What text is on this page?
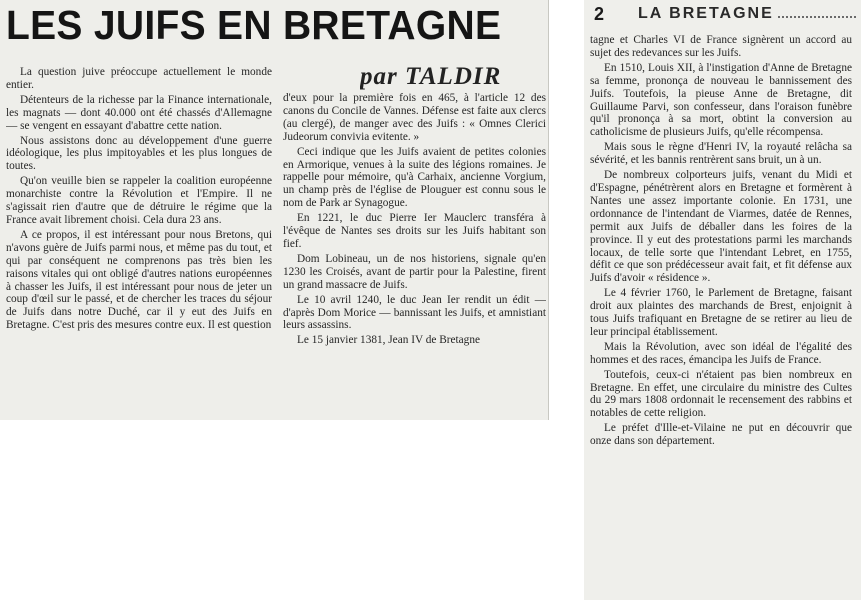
LES JUIFS EN BRETAGNE
par TALDIR
2 LA BRETAGNE

La question juive préoccupe actuellement le monde entier.

Détenteurs de la richesse par la Finance internationale, les magnats — dont 40.000 ont été chassés d'Allemagne — se vengent en essayant d'abattre cette nation.

Nous assistons donc au développement d'une guerre idéologique, les plus impitoyables et les plus longues de toutes.

Qu'on veuille bien se rappeler la coalition européenne monarchiste contre la Révolution et l'Empire. Il ne s'agissait rien d'autre que de détruire le régime que la France avait librement choisi. Cela dura 23 ans.

A ce propos, il est intéressant pour nous Bretons, qui n'avons guère de Juifs parmi nous, et même pas du tout, et qui par conséquent ne comprenons pas très bien les raisons vitales qui ont obligé d'autres nations européennes à chasser les Juifs, il est intéressant pour nous de jeter un coup d'œil sur le passé, et de chercher les traces du séjour de Juifs dans notre Duché, car il y eut des Juifs en Bretagne. C'est pris des mesures contre eux. Il est question

d'eux pour la première fois en 465, à l'article 12 des canons du Concile de Vannes. Défense est faite aux clercs (au clergé), de manger avec des Juifs : « Omnes Clerici Judeorum convivia evitente. »

Ceci indique que les Juifs avaient de petites colonies en Armorique, venues à la suite des légions romaines. Je rappelle pour mémoire, qu'à Carhaix, ancienne Vorgium, un champ près de l'église de Plouguer est connu sous le nom de Park ar Synagogue.

En 1221, le duc Pierre Ier Mauclerc transféra à l'évêque de Nantes ses droits sur les Juifs habitant son fief.

Dom Lobineau, un de nos historiens, signale qu'en 1230 les Croisés, avant de partir pour la Palestine, firent un grand massacre de Juifs.

Le 10 avril 1240, le duc Jean Ier rendit un édit — d'après Dom Morice — bannissant les Juifs, et amnistiant leurs assassins.

Le 15 janvier 1381, Jean IV de Bretagne

tagne et Charles VI de France signèrent un accord au sujet des redevances sur les Juifs.

En 1510, Louis XII, à l'instigation d'Anne de Bretagne sa femme, prononça de nouveau le bannissement des Juifs. Toutefois, la pieuse Anne de Bretagne, dit Guillaume Parvi, son confesseur, dans l'oraison funèbre qu'il prononça à sa mort, obtint la conversion au catholicisme de plusieurs Juifs, qu'elle récompensa.

Mais sous le règne d'Henri IV, la royauté relâcha sa sévérité, et les bannis rentrèrent sans bruit, un à un.

De nombreux colporteurs juifs, venant du Midi et d'Espagne, pénétrèrent alors en Bretagne et formèrent à Nantes une assez importante colonie. En 1731, une ordonnance de l'intendant de Viarmes, datée de Rennes, permit aux Juifs de déballer dans les foires de la province. Il y eut des protestations parmi les marchands locaux, de telle sorte que l'intendant Lebret, en 1755, défit ce que son prédécesseur avait fait, et fit défense aux Juifs d'avoir « résidence ».

Le 4 février 1760, le Parlement de Bretagne, faisant droit aux plaintes des marchands de Brest, enjoignit à tous Juifs trafiquant en Bretagne de se retirer au lieu de leur principal établissement.

Mais la Révolution, avec son idéal de l'égalité des hommes et des races, émancipa les Juifs de France.

Toutefois, ceux-ci n'étaient pas bien nombreux en Bretagne. En effet, une circulaire du ministre des Cultes du 29 mars 1808 ordonnait le recensement des rabbins et notables de cette religion.

Le préfet d'Ille-et-Vilaine ne put en découvrir que onze dans son département.
